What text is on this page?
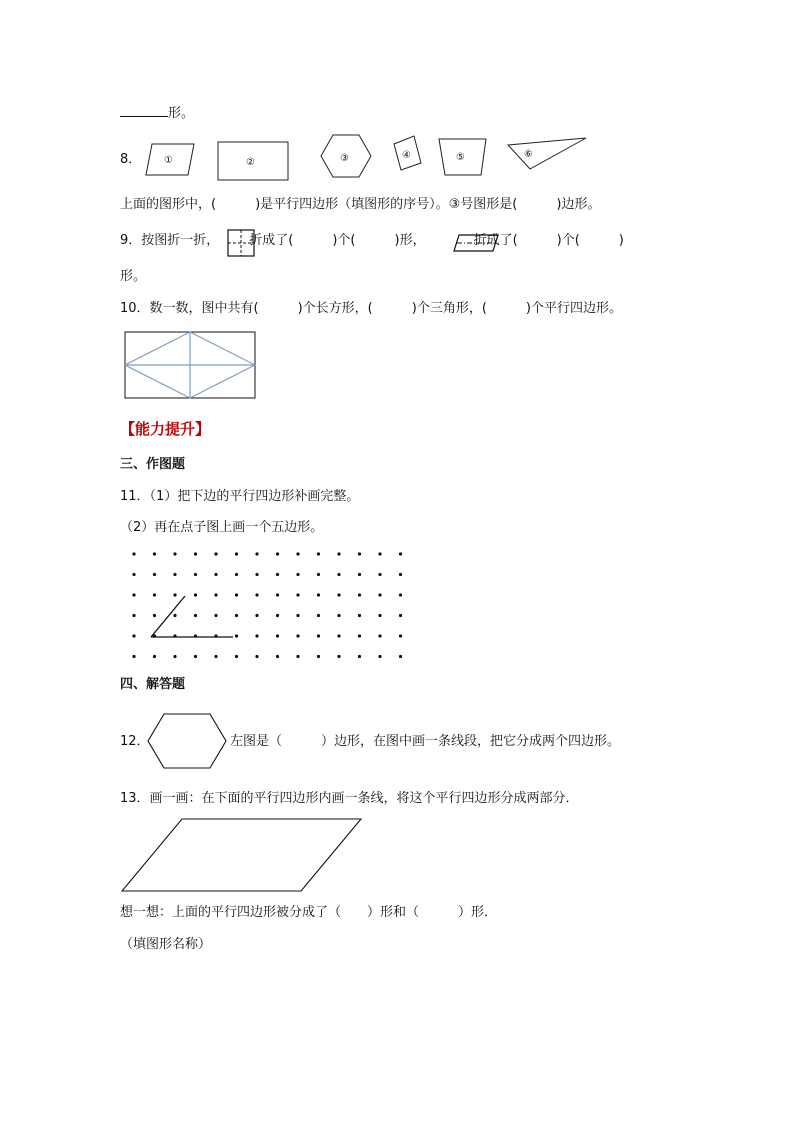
形。
8． ①	②	③	④	⑤	⑥
上面的图形中，(　　　)是平行四边形（填图形的序号）。③号图形是(　　　)边形。
9．按图折一折， 折成了(　　　)个(　　　)形，	折成了(　　　)个(　　　)
形。
10．数一数，图中共有(　　　)个长方形，(　　　)个三角形，(　　　)个平行四边形。
【能力提升】
三、作图题
11．（1）把下边的平行四边形补画完整。
（2）再在点子图上画一个五边形。
四、解答题
12．	左图是（　　　）边形，在图中画一条线段，把它分成两个四边形。
13．画一画：在下面的平行四边形内画一条线，将这个平行四边形分成两部分．
想一想：上面的平行四边形被分成了（　　）形和（　　　）形．
（填图形名称）
